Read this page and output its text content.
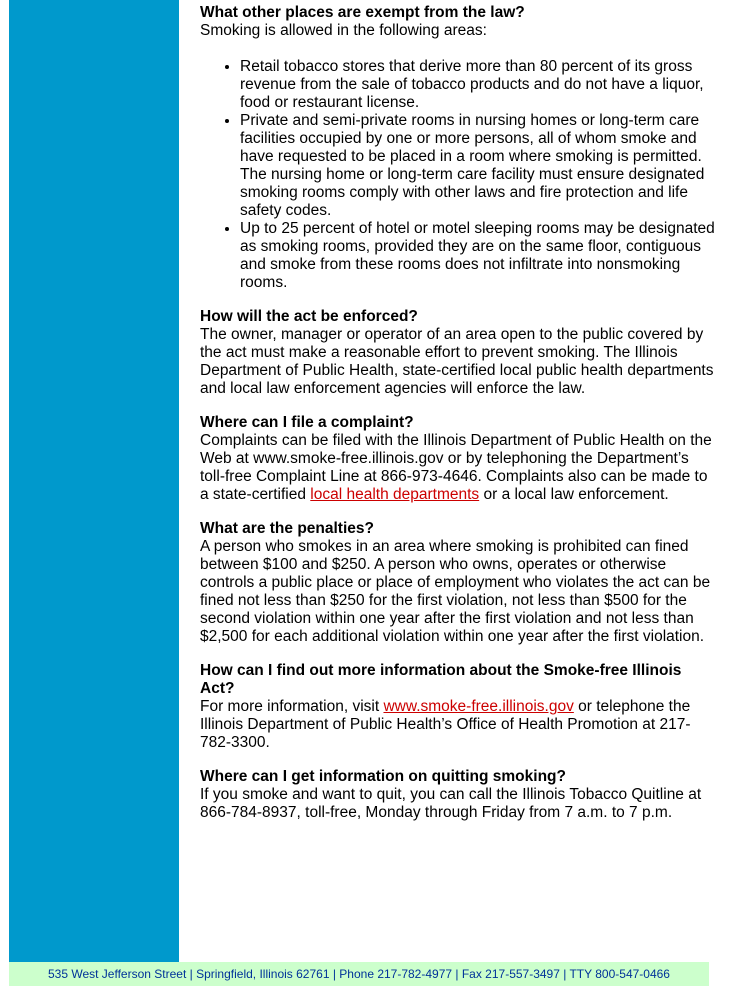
What other places are exempt from the law?

Smoking is allowed in the following areas:

• Retail tobacco stores that derive more than 80 percent of its gross revenue from the sale of tobacco products and do not have a liquor, food or restaurant license.
• Private and semi-private rooms in nursing homes or long-term care facilities occupied by one or more persons, all of whom smoke and have requested to be placed in a room where smoking is permitted. The nursing home or long-term care facility must ensure designated smoking rooms comply with other laws and fire protection and life safety codes.
• Up to 25 percent of hotel or motel sleeping rooms may be designated as smoking rooms, provided they are on the same floor, contiguous and smoke from these rooms does not infiltrate into nonsmoking rooms.

How will the act be enforced?

The owner, manager or operator of an area open to the public covered by the act must make a reasonable effort to prevent smoking. The Illinois Department of Public Health, state-certified local public health departments and local law enforcement agencies will enforce the law.

Where can I file a complaint?

Complaints can be filed with the Illinois Department of Public Health on the Web at www.smoke-free.illinois.gov or by telephoning the Department’s toll-free Complaint Line at 866-973-4646. Complaints also can be made to a state-certified local health departments or a local law enforcement.

What are the penalties?

A person who smokes in an area where smoking is prohibited can fined between $100 and $250. A person who owns, operates or otherwise controls a public place or place of employment who violates the act can be fined not less than $250 for the first violation, not less than $500 for the second violation within one year after the first violation and not less than $2,500 for each additional violation within one year after the first violation.

How can I find out more information about the Smoke-free Illinois Act?

For more information, visit www.smoke-free.illinois.gov or telephone the Illinois Department of Public Health’s Office of Health Promotion at 217-782-3300.

Where can I get information on quitting smoking?

If you smoke and want to quit, you can call the Illinois Tobacco Quitline at 866-784-8937, toll-free, Monday through Friday from 7 a.m. to 7 p.m.

535 West Jefferson Street | Springfield, Illinois 62761 | Phone 217-782-4977 | Fax 217-557-3497 | TTY 800-547-0466
